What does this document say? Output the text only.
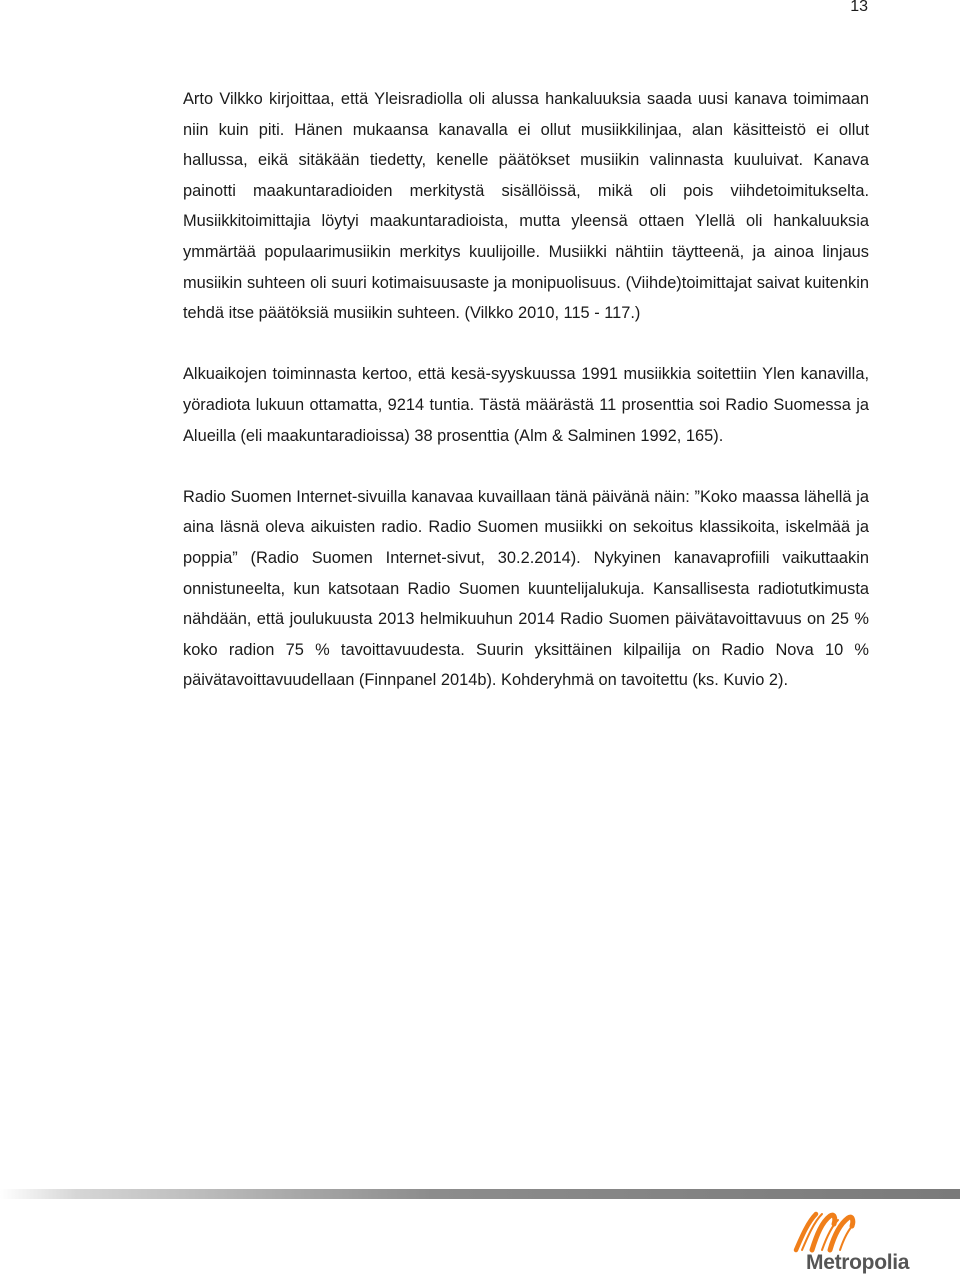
13

Arto Vilkko kirjoittaa, että Yleisradiolla oli alussa hankaluuksia saada uusi kanava toimimaan niin kuin piti. Hänen mukaansa kanavalla ei ollut musiikkilinjaa, alan käsitteistö ei ollut hallussa, eikä sitäkään tiedetty, kenelle päätökset musiikin valinnasta kuuluivat. Kanava painotti maakuntaradioiden merkitystä sisällöissä, mikä oli pois viihdetoimitukselta. Musiikkitoimittajia löytyi maakuntaradioista, mutta yleensä ottaen Ylellä oli hankaluuksia ymmärtää populaarimusiikin merkitys kuulijoille. Musiikki nähtiin täytteenä, ja ainoa linjaus musiikin suhteen oli suuri kotimaisuusaste ja monipuolisuus. (Viihde)toimittajat saivat kuitenkin tehdä itse päätöksiä musiikin suhteen. (Vilkko 2010, 115 - 117.)

Alkuaikojen toiminnasta kertoo, että kesä-syyskuussa 1991 musiikkia soitettiin Ylen kanavilla, yöradiota lukuun ottamatta, 9214 tuntia. Tästä määrästä 11 prosenttia soi Radio Suomessa ja Alueilla (eli maakuntaradioissa) 38 prosenttia (Alm & Salminen 1992, 165).

Radio Suomen Internet-sivuilla kanavaa kuvaillaan tänä päivänä näin: ”Koko maassa lähellä ja aina läsnä oleva aikuisten radio. Radio Suomen musiikki on sekoitus klassikoita, iskelmää ja poppia” (Radio Suomen Internet-sivut, 30.2.2014). Nykyinen kanavaprofiili vaikuttaakin onnistuneelta, kun katsotaan Radio Suomen kuuntelijalukuja. Kansallisesta radiotutkimusta nähdään, että joulukuusta 2013 helmikuuhun 2014 Radio Suomen päivätavoittavuus on 25 % koko radion 75 % tavoittavuudesta. Suurin yksittäinen kilpailija on Radio Nova 10 % päivätavoittavuudellaan (Finnpanel 2014b). Kohderyhmä on tavoitettu (ks. Kuvio 2).

Metropolia
